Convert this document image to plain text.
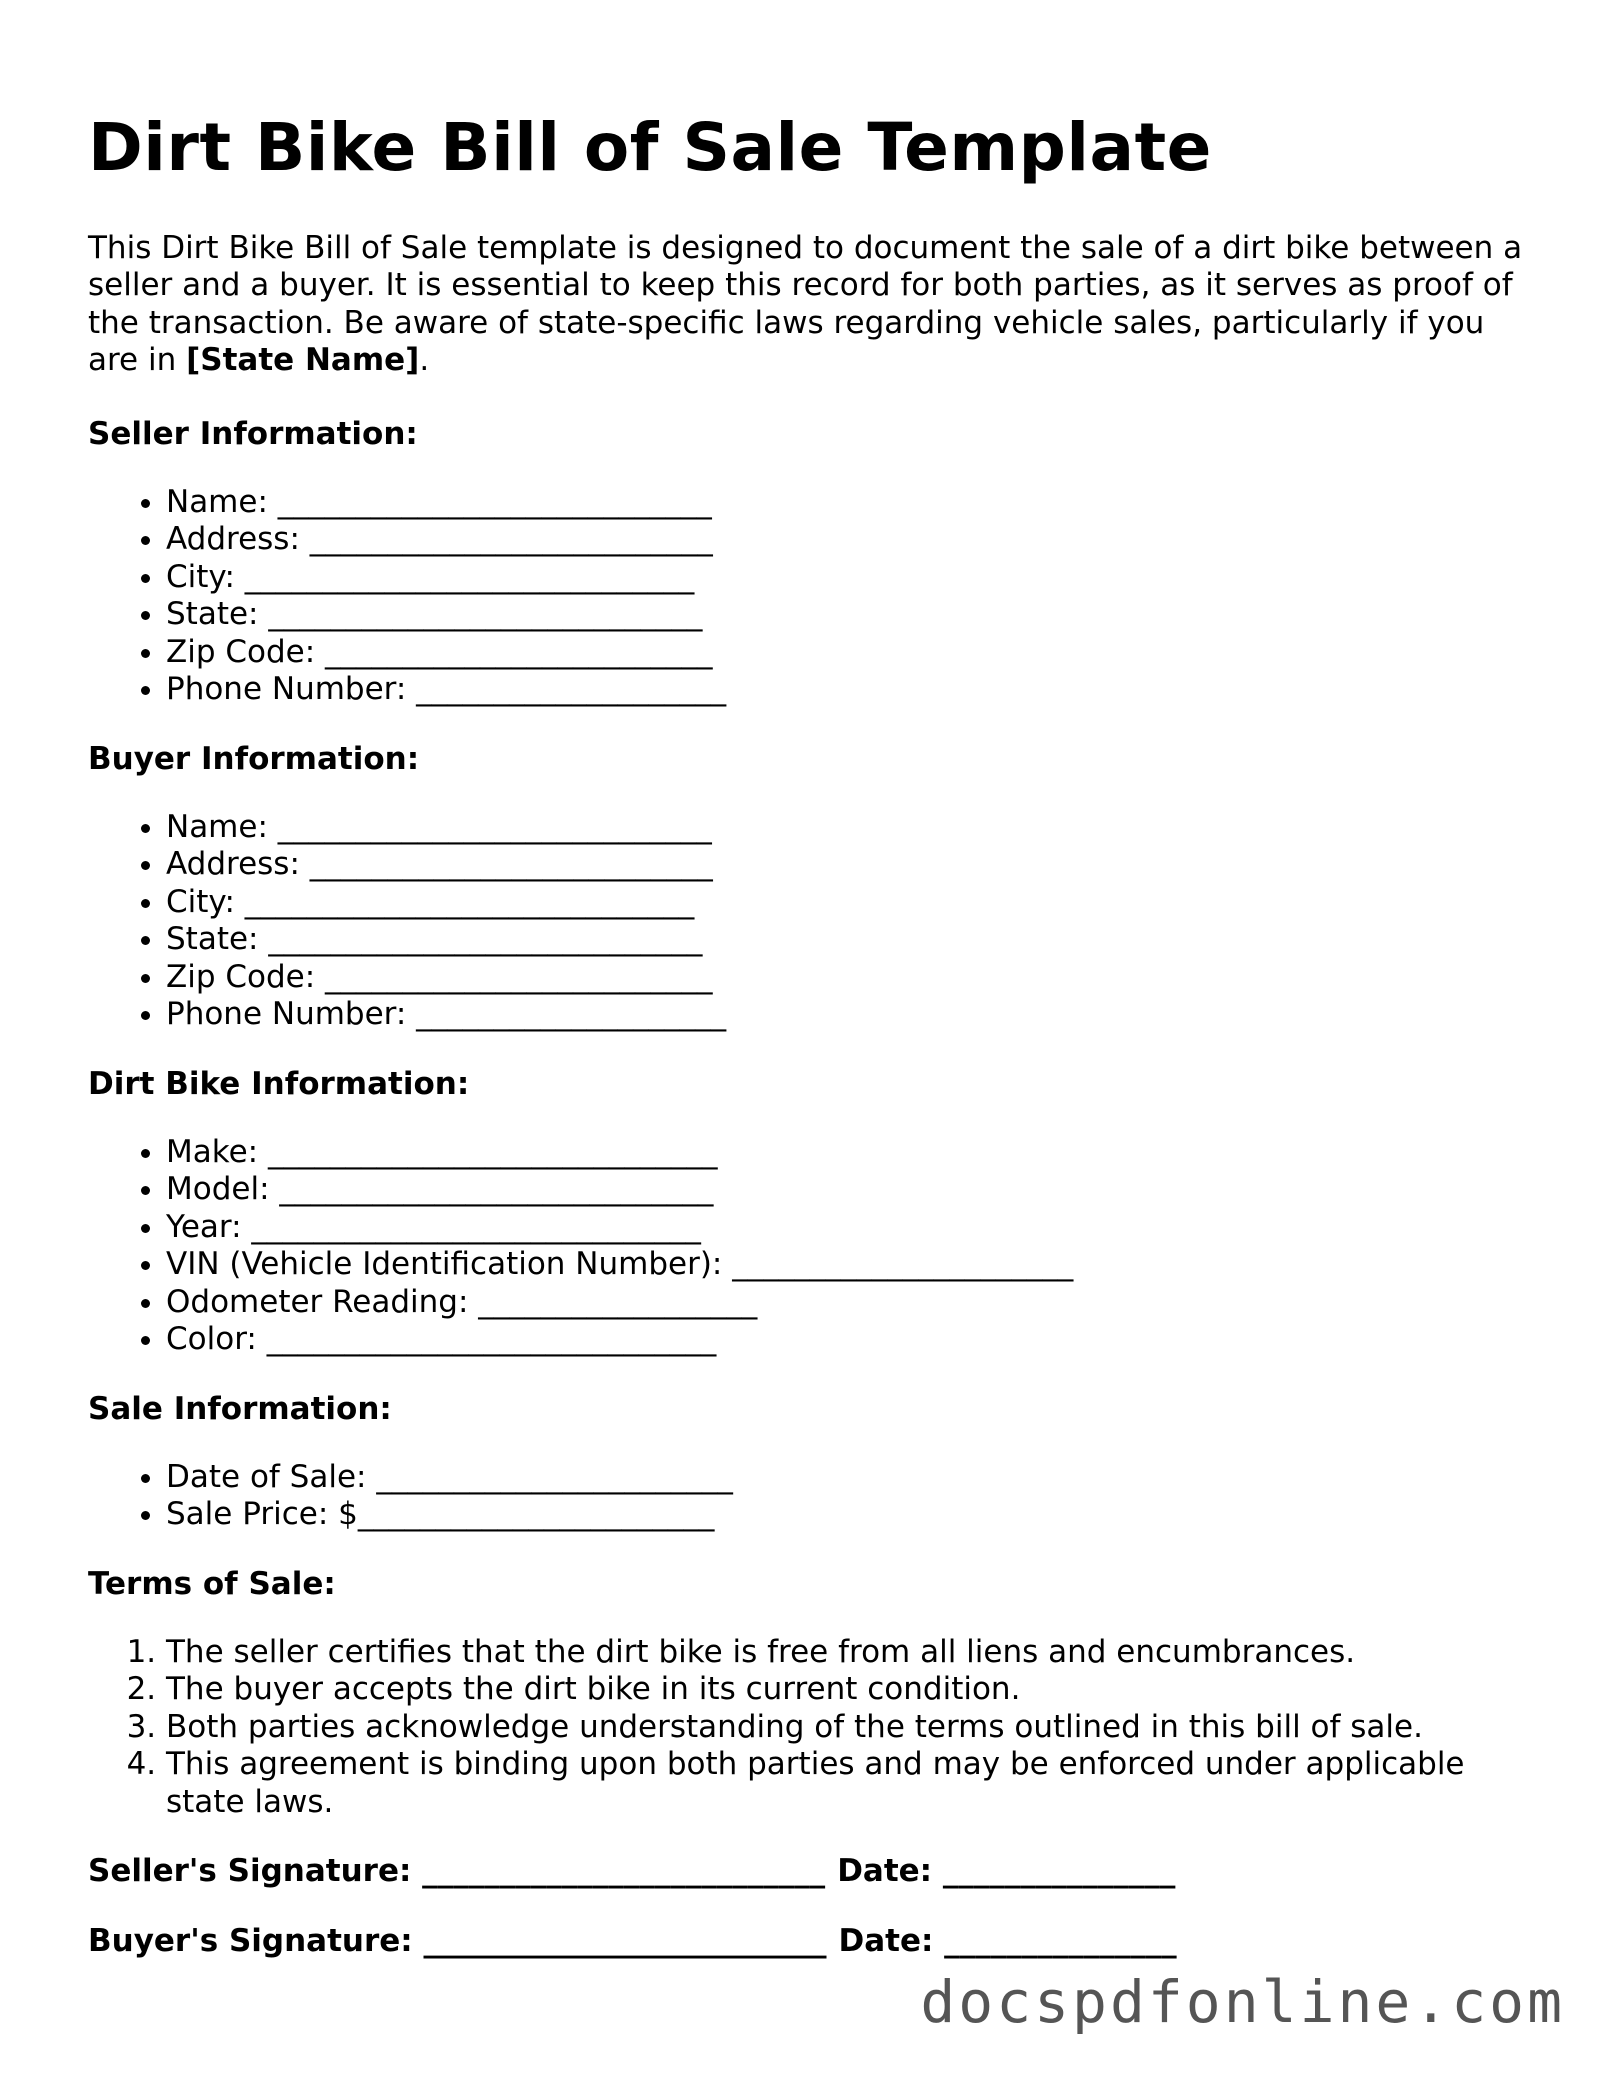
Dirt Bike Bill of Sale Template

This Dirt Bike Bill of Sale template is designed to document the sale of a dirt bike between a seller and a buyer. It is essential to keep this record for both parties, as it serves as proof of the transaction. Be aware of state-specific laws regarding vehicle sales, particularly if you are in [State Name].

Seller Information:
• Name: ____________________________
• Address: __________________________
• City: _____________________________
• State: ____________________________
• Zip Code: _________________________
• Phone Number: ____________________
Buyer Information:
• Name: ____________________________
• Address: __________________________
• City: _____________________________
• State: ____________________________
• Zip Code: _________________________
• Phone Number: ____________________
Dirt Bike Information:
• Make: _____________________________
• Model: ____________________________
• Year: _____________________________
• VIN (Vehicle Identification Number): ______________________
• Odometer Reading: __________________
• Color: _____________________________
Sale Information:
• Date of Sale: _______________________
• Sale Price: $_______________________
Terms of Sale:
1. The seller certifies that the dirt bike is free from all liens and encumbrances.
2. The buyer accepts the dirt bike in its current condition.
3. Both parties acknowledge understanding of the terms outlined in this bill of sale.
4. This agreement is binding upon both parties and may be enforced under applicable state laws.
Seller's Signature: __________________________ Date: _______________
Buyer's Signature: __________________________ Date: _______________
docspdfonline.com
